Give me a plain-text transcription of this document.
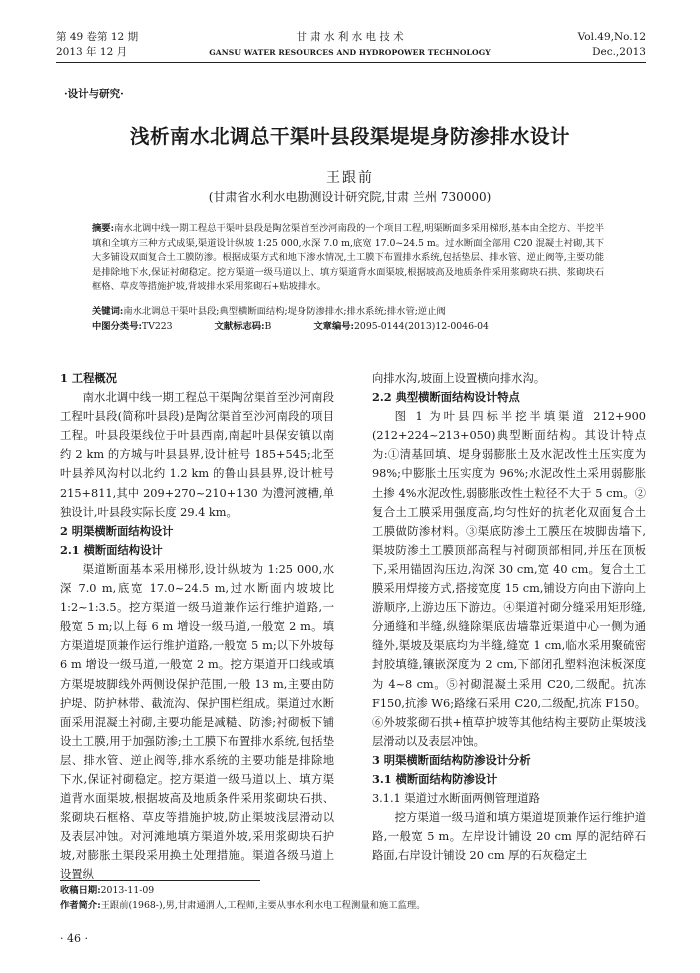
第 49 卷第 12 期
2013 年 12 月
甘 肃 水 利 水 电 技 术
GANSU WATER RESOURCES AND HYDROPOWER TECHNOLOGY
Vol.49,No.12
Dec.,2013
·设计与研究·
浅析南水北调总干渠叶县段渠堤堤身防渗排水设计
王跟前
(甘肃省水利水电勘测设计研究院,甘肃 兰州 730000)
摘要:南水北调中线一期工程总干渠叶县段是陶岔渠首至沙河南段的一个项目工程,明渠断面多采用梯形,基本由全挖方、半挖半填和全填方三种方式成渠,渠道设计纵坡 1:25 000,水深 7.0 m,底宽 17.0~24.5 m。过水断面全部用 C20 混凝土衬砌,其下大多铺设双面复合土工膜防渗。根据成渠方式和地下渗水情况,土工膜下布置排水系统,包括垫层、排水管、逆止阀等,主要功能是排除地下水,保证衬砌稳定。挖方渠道一级马道以上、填方渠道背水面渠坡,根据坡高及地质条件采用浆砌块石拱、浆砌块石框格、草皮等措施护坡,背坡排水采用浆砌石+贴坡排水。
关键词:南水北调总干渠叶县段;典型横断面结构;堤身防渗排水;排水系统;排水管;逆止阀
中图分类号:TV223	文献标志码:B	文章编号:2095-0144(2013)12-0046-04
1 工程概况

南水北调中线一期工程总干渠陶岔渠首至沙河南段工程叶县段(简称叶县段)是陶岔渠首至沙河南段的项目工程。叶县段渠线位于叶县西南,南起叶县保安镇以南约 2 km 的方城与叶县县界,设计桩号 185+545;北至叶县养风沟村以北约 1.2 km 的鲁山县县界,设计桩号 215+811,其中 209+270~210+130 为澧河渡槽,单独设计,叶县段实际长度 29.4 km。

2 明渠横断面结构设计
2.1 横断面结构设计

渠道断面基本采用梯形,设计纵坡为 1:25 000,水深 7.0 m,底宽 17.0~24.5 m,过水断面内坡坡比 1:2~1:3.5。挖方渠道一级马道兼作运行维护道路,一般宽 5 m;以上每 6 m 增设一级马道,一般宽 2 m。填方渠道堤顶兼作运行维护道路,一般宽 5 m;以下外坡每 6 m 增设一级马道,一般宽 2 m。挖方渠道开口线或填方渠堤坡脚线外两侧设保护范围,一般 13 m,主要由防护堤、防护林带、截流沟、保护围栏组成。渠道过水断面采用混凝土衬砌,主要功能是减糙、防渗;衬砌板下铺设土工膜,用于加强防渗;土工膜下布置排水系统,包括垫层、排水管、逆止阀等,排水系统的主要功能是排除地下水,保证衬砌稳定。挖方渠道一级马道以上、填方渠道背水面渠坡,根据坡高及地质条件采用浆砌块石拱、浆砌块石框格、草皮等措施护坡,防止渠坡浅层滑动以及表层冲蚀。对河滩地填方渠道外坡,采用浆砌块石护坡,对膨胀土渠段采用换土处理措施。渠道各级马道上设置纵

向排水沟,坡面上设置横向排水沟。
2.2 典型横断面结构设计特点

图 1 为叶县四标半挖半填渠道 212+900 (212+224~213+050)典型断面结构。其设计特点为:①清基回填、堤身弱膨胀土及水泥改性土压实度为 98%;中膨胀土压实度为 96%;水泥改性土采用弱膨胀土掺 4%水泥改性,弱膨胀改性土粒径不大于 5 cm。②复合土工膜采用强度高,均匀性好的抗老化双面复合土工膜做防渗材料。③渠底防渗土工膜压在坡脚齿墙下,渠坡防渗土工膜顶部高程与衬砌顶部相同,并压在顶板下,采用锚固沟压边,沟深 30 cm,宽 40 cm。复合土工膜采用焊接方式,搭接宽度 15 cm,铺设方向由下游向上游顺序,上游边压下游边。④渠道衬砌分缝采用矩形缝,分通缝和半缝,纵缝除渠底齿墙靠近渠道中心一侧为通缝外,渠坡及渠底均为半缝,缝宽 1 cm,临水采用聚硫密封胶填缝,镶嵌深度为 2 cm,下部闭孔塑料泡沫板深度为 4~8 cm。⑤衬砌混凝土采用 C20,二级配。抗冻 F150,抗渗 W6;路缘石采用 C20,二级配,抗冻 F150。⑥外坡浆砌石拱+植草护坡等其他结构主要防止渠坡浅层滑动以及表层冲蚀。

3 明渠横断面结构防渗设计分析
3.1 横断面结构防渗设计
3.1.1 渠道过水断面两侧管理道路

挖方渠道一级马道和填方渠道堤顶兼作运行维护道路,一般宽 5 m。左岸设计铺设 20 cm 厚的泥结碎石路面,右岸设计铺设 20 cm 厚的石灰稳定土

收稿日期:2013-11-09
作者简介:王跟前(1968-),男,甘肃通渭人,工程师,主要从事水利水电工程测量和施工监理。
· 46 ·
